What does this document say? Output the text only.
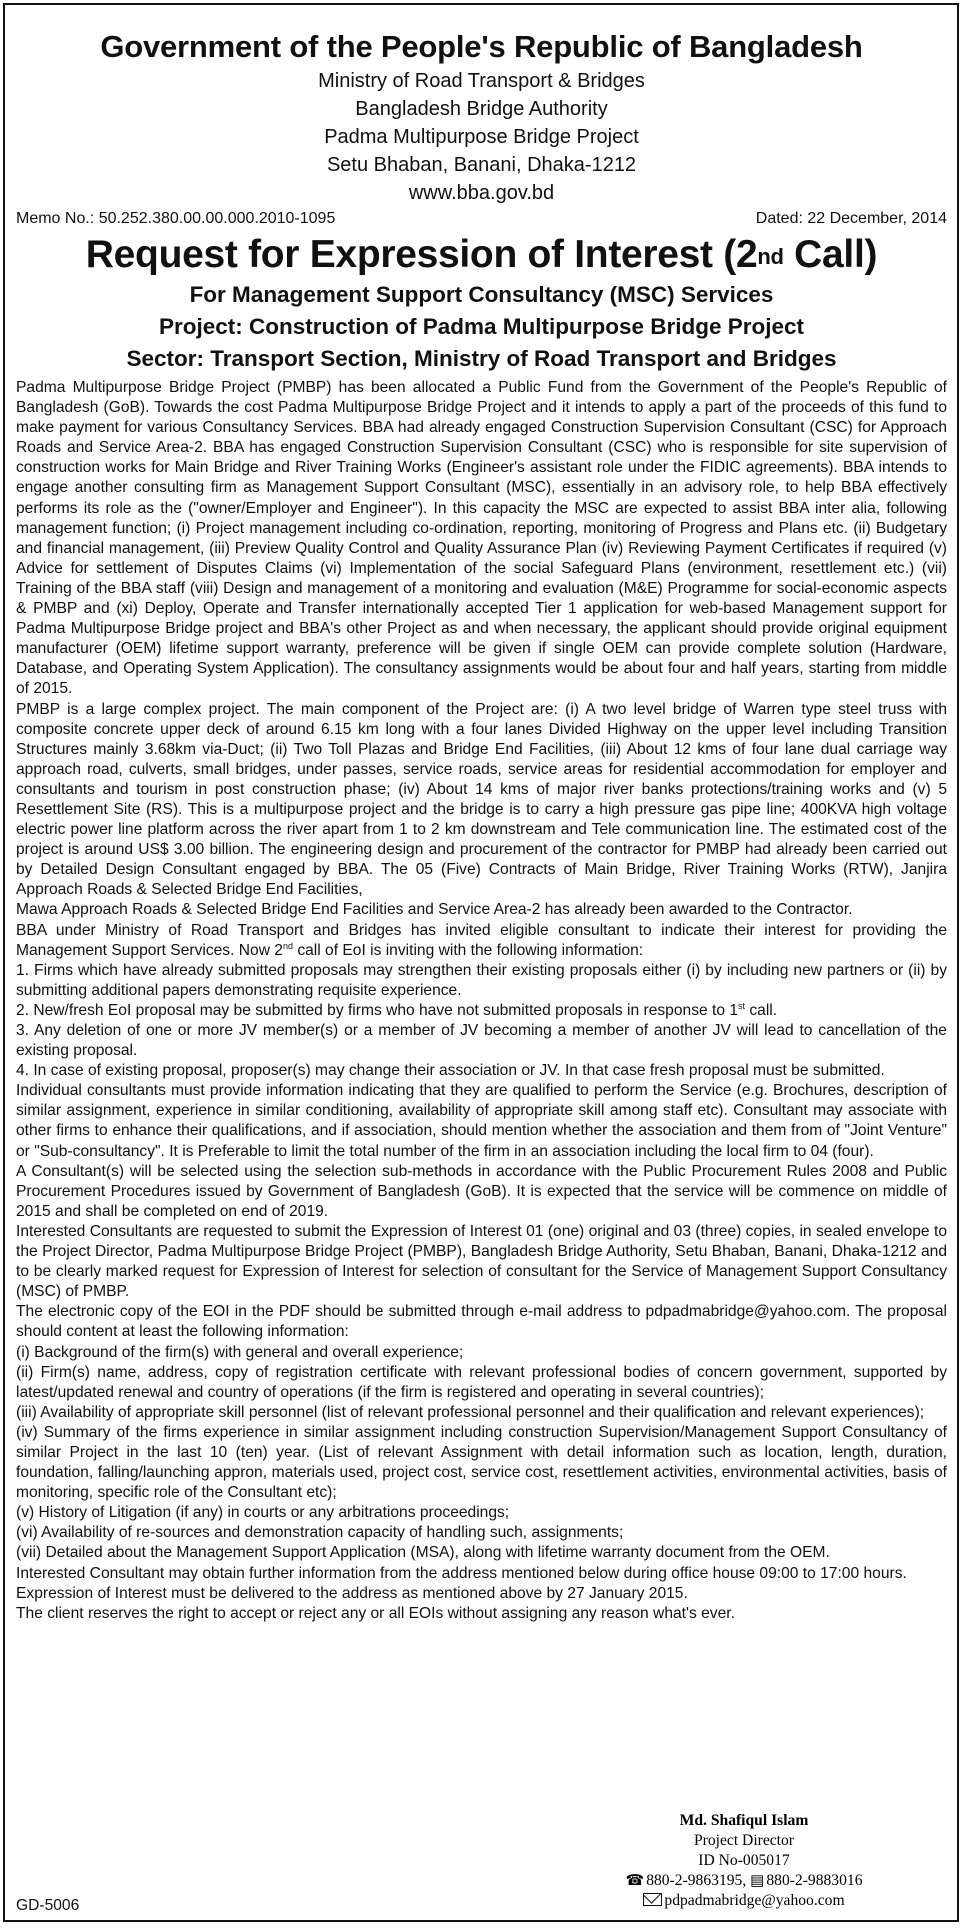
Government of the People's Republic of Bangladesh
Ministry of Road Transport & Bridges
Bangladesh Bridge Authority
Padma Multipurpose Bridge Project
Setu Bhaban, Banani, Dhaka-1212
www.bba.gov.bd
Memo No.: 50.252.380.00.00.000.2010-1095	Dated: 22 December, 2014
Request for Expression of Interest (2nd Call)
For Management Support Consultancy (MSC) Services
Project: Construction of Padma Multipurpose Bridge Project
Sector: Transport Section, Ministry of Road Transport and Bridges

Padma Multipurpose Bridge Project (PMBP) has been allocated a Public Fund from the Government of the People's Republic of Bangladesh (GoB). Towards the cost Padma Multipurpose Bridge Project and it intends to apply a part of the proceeds of this fund to make payment for various Consultancy Services. BBA had already engaged Construction Supervision Consultant (CSC) for Approach Roads and Service Area-2. BBA has engaged Construction Supervision Consultant (CSC) who is responsible for site supervision of construction works for Main Bridge and River Training Works (Engineer's assistant role under the FIDIC agreements). BBA intends to engage another consulting firm as Management Support Consultant (MSC), essentially in an advisory role, to help BBA effectively performs its role as the ("owner/Employer and Engineer"). In this capacity the MSC are expected to assist BBA inter alia, following management function; (i) Project management including co-ordination, reporting, monitoring of Progress and Plans etc. (ii) Budgetary and financial management, (iii) Preview Quality Control and Quality Assurance Plan (iv) Reviewing Payment Certificates if required (v) Advice for settlement of Disputes Claims (vi) Implementation of the social Safeguard Plans (environment, resettlement etc.) (vii) Training of the BBA staff (viii) Design and management of a monitoring and evaluation (M&E) Programme for social-economic aspects & PMBP and (xi) Deploy, Operate and Transfer internationally accepted Tier 1 application for web-based Management support for Padma Multipurpose Bridge project and BBA's other Project as and when necessary, the applicant should provide original equipment manufacturer (OEM) lifetime support warranty, preference will be given if single OEM can provide complete solution (Hardware, Database, and Operating System Application). The consultancy assignments would be about four and half years, starting from middle of 2015.

PMBP is a large complex project. The main component of the Project are: (i) A two level bridge of Warren type steel truss with composite concrete upper deck of around 6.15 km long with a four lanes Divided Highway on the upper level including Transition Structures mainly 3.68km via-Duct; (ii) Two Toll Plazas and Bridge End Facilities, (iii) About 12 kms of four lane dual carriage way approach road, culverts, small bridges, under passes, service roads, service areas for residential accommodation for employer and consultants and tourism in post construction phase; (iv) About 14 kms of major river banks protections/training works and (v) 5 Resettlement Site (RS). This is a multipurpose project and the bridge is to carry a high pressure gas pipe line; 400KVA high voltage electric power line platform across the river apart from 1 to 2 km downstream and Tele communication line. The estimated cost of the project is around US$ 3.00 billion. The engineering design and procurement of the contractor for PMBP had already been carried out by Detailed Design Consultant engaged by BBA. The 05 (Five) Contracts of Main Bridge, River Training Works (RTW), Janjira Approach Roads & Selected Bridge End Facilities,

Mawa Approach Roads & Selected Bridge End Facilities and Service Area-2 has already been awarded to the Contractor.

BBA under Ministry of Road Transport and Bridges has invited eligible consultant to indicate their interest for providing the Management Support Services. Now 2nd call of EoI is inviting with the following information:

1. Firms which have already submitted proposals may strengthen their existing proposals either (i) by including new partners or (ii) by submitting additional papers demonstrating requisite experience.

2. New/fresh EoI proposal may be submitted by firms who have not submitted proposals in response to 1st call.

3. Any deletion of one or more JV member(s) or a member of JV becoming a member of another JV will lead to cancellation of the existing proposal.

4. In case of existing proposal, proposer(s) may change their association or JV. In that case fresh proposal must be submitted.

Individual consultants must provide information indicating that they are qualified to perform the Service (e.g. Brochures, description of similar assignment, experience in similar conditioning, availability of appropriate skill among staff etc). Consultant may associate with other firms to enhance their qualifications, and if association, should mention whether the association and them from of "Joint Venture" or "Sub-consultancy". It is Preferable to limit the total number of the firm in an association including the local firm to 04 (four).

A Consultant(s) will be selected using the selection sub-methods in accordance with the Public Procurement Rules 2008 and Public Procurement Procedures issued by Government of Bangladesh (GoB). It is expected that the service will be commence on middle of 2015 and shall be completed on end of 2019.

Interested Consultants are requested to submit the Expression of Interest 01 (one) original and 03 (three) copies, in sealed envelope to the Project Director, Padma Multipurpose Bridge Project (PMBP), Bangladesh Bridge Authority, Setu Bhaban, Banani, Dhaka-1212 and to be clearly marked request for Expression of Interest for selection of consultant for the Service of Management Support Consultancy (MSC) of PMBP.

The electronic copy of the EOI in the PDF should be submitted through e-mail address to pdpadmabridge@yahoo.com. The proposal should content at least the following information:

(i) Background of the firm(s) with general and overall experience;

(ii) Firm(s) name, address, copy of registration certificate with relevant professional bodies of concern government, supported by latest/updated renewal and country of operations (if the firm is registered and operating in several countries);

(iii) Availability of appropriate skill personnel (list of relevant professional personnel and their qualification and relevant experiences);

(iv) Summary of the firms experience in similar assignment including construction Supervision/Management Support Consultancy of similar Project in the last 10 (ten) year. (List of relevant Assignment with detail information such as location, length, duration, foundation, falling/launching appron, materials used, project cost, service cost, resettlement activities, environmental activities, basis of monitoring, specific role of the Consultant etc);

(v) History of Litigation (if any) in courts or any arbitrations proceedings;

(vi) Availability of re-sources and demonstration capacity of handling such, assignments;

(vii) Detailed about the Management Support Application (MSA), along with lifetime warranty document from the OEM.

Interested Consultant may obtain further information from the address mentioned below during office house 09:00 to 17:00 hours.

Expression of Interest must be delivered to the address as mentioned above by 27 January 2015.

The client reserves the right to accept or reject any or all EOIs without assigning any reason what's ever.

GD-5006
Md. Shafiqul Islam
Project Director
ID No-005017
☎ 880-2-9863195, ▤ 880-2-9883016
pdpadmabridge@yahoo.com
